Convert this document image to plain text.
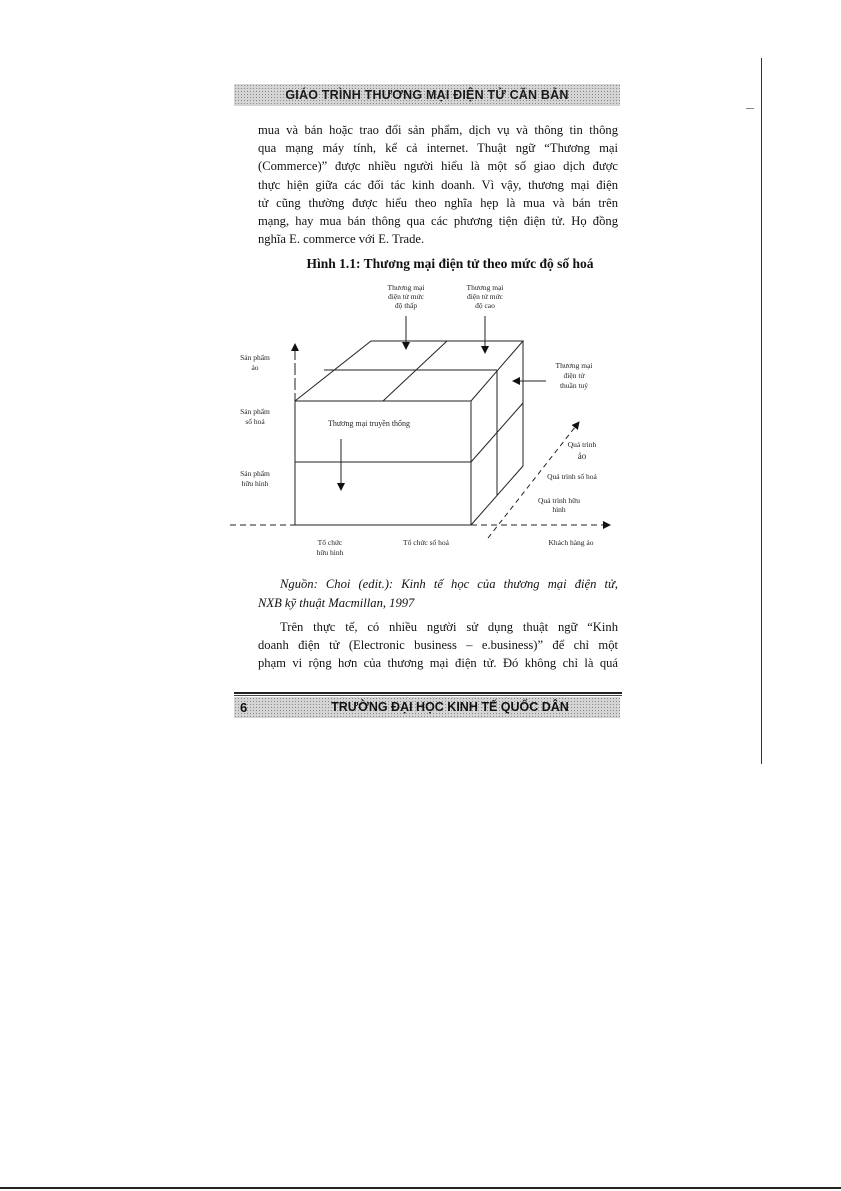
GIÁO TRÌNH THƯƠNG MẠI ĐIỆN TỬ CĂN BẢN
mua và bán hoặc trao đổi sản phẩm, dịch vụ và thông tin thông
qua mạng máy tính, kể cả internet. Thuật ngữ “Thương mại
(Commerce)” được nhiều người hiểu là một số giao dịch được
thực hiện giữa các đối tác kinh doanh. Vì vậy, thương mại điện
tử cũng thường được hiểu theo nghĩa hẹp là mua và bán trên
mạng, hay mua bán thông qua các phương tiện điện tử. Họ đồng
nghĩa E. commerce với E. Trade.
Hình 1.1: Thương mại điện tử theo mức độ số hoá
Thương mại
điện tử mức
độ thấp
Thương mại
điện tử mức
độ cao
Sản phẩm
ảo
Sản phẩm
số hoá
Sản phẩm
hữu hình
Thương mại truyền thống
Thương mại
điện tử
thuần tuý
Quá trình
ảo
Quá trình số hoá
Quá trình hữu
hình
Tổ chức
hữu hình
Tổ chức số hoá	Khách hàng ảo
Nguồn: Choi (edit.): Kinh tế học của thương mại điện tử,
NXB kỹ thuật Macmillan, 1997
Trên thực tế, có nhiều người sử dụng thuật ngữ “Kinh
doanh điện tử (Electronic business – e.business)” để chỉ một
phạm vi rộng hơn của thương mại điện tử. Đó không chỉ là quá
6	TRƯỜNG ĐẠI HỌC KINH TẾ QUỐC DÂN
